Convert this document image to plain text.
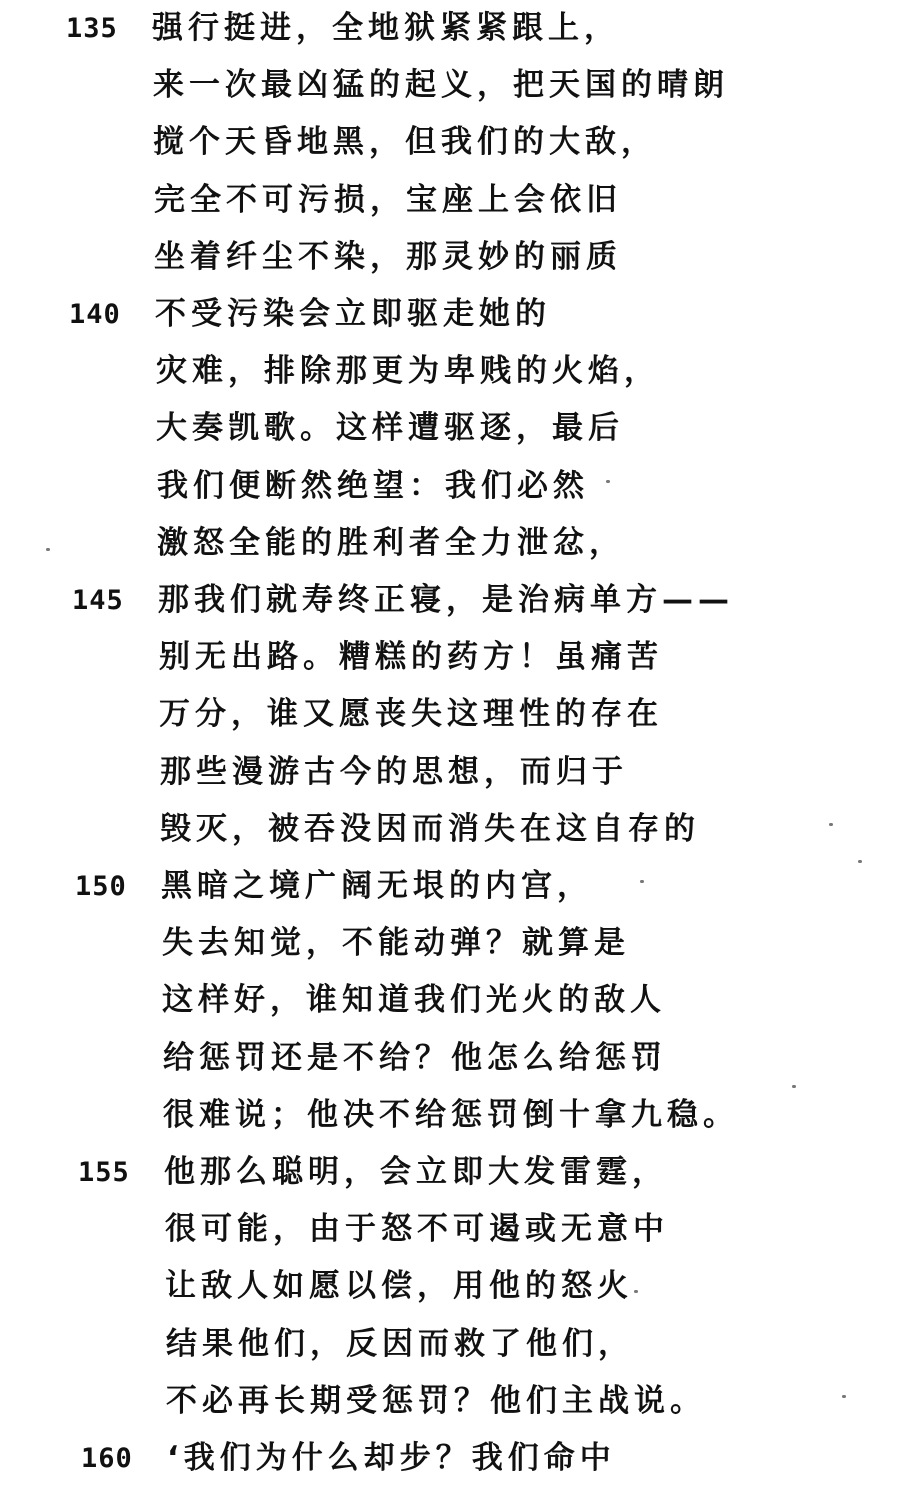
135	强行挺进，全地狱紧紧跟上，
来一次最凶猛的起义，把天国的晴朗
搅个天昏地黑，但我们的大敌，
完全不可污损，宝座上会依旧
坐着纤尘不染，那灵妙的丽质
140	不受污染会立即驱走她的
灾难，排除那更为卑贱的火焰，
大奏凯歌。这样遭驱逐，最后
我们便断然绝望：我们必然
激怒全能的胜利者全力泄忿，
145	那我们就寿终正寝，是治病单方——
别无出路。糟糕的药方！虽痛苦
万分，谁又愿丧失这理性的存在
那些漫游古今的思想，而归于
毁灭，被吞没因而消失在这自存的
150	黑暗之境广阔无垠的内宫，
失去知觉，不能动弹？就算是
这样好，谁知道我们光火的敌人
给惩罚还是不给？他怎么给惩罚
很难说；他决不给惩罚倒十拿九稳。
155	他那么聪明，会立即大发雷霆，
很可能，由于怒不可遏或无意中
让敌人如愿以偿，用他的怒火
结果他们，反因而救了他们，
不必再长期受惩罚？他们主战说。
160	‘我们为什么却步？我们命中
